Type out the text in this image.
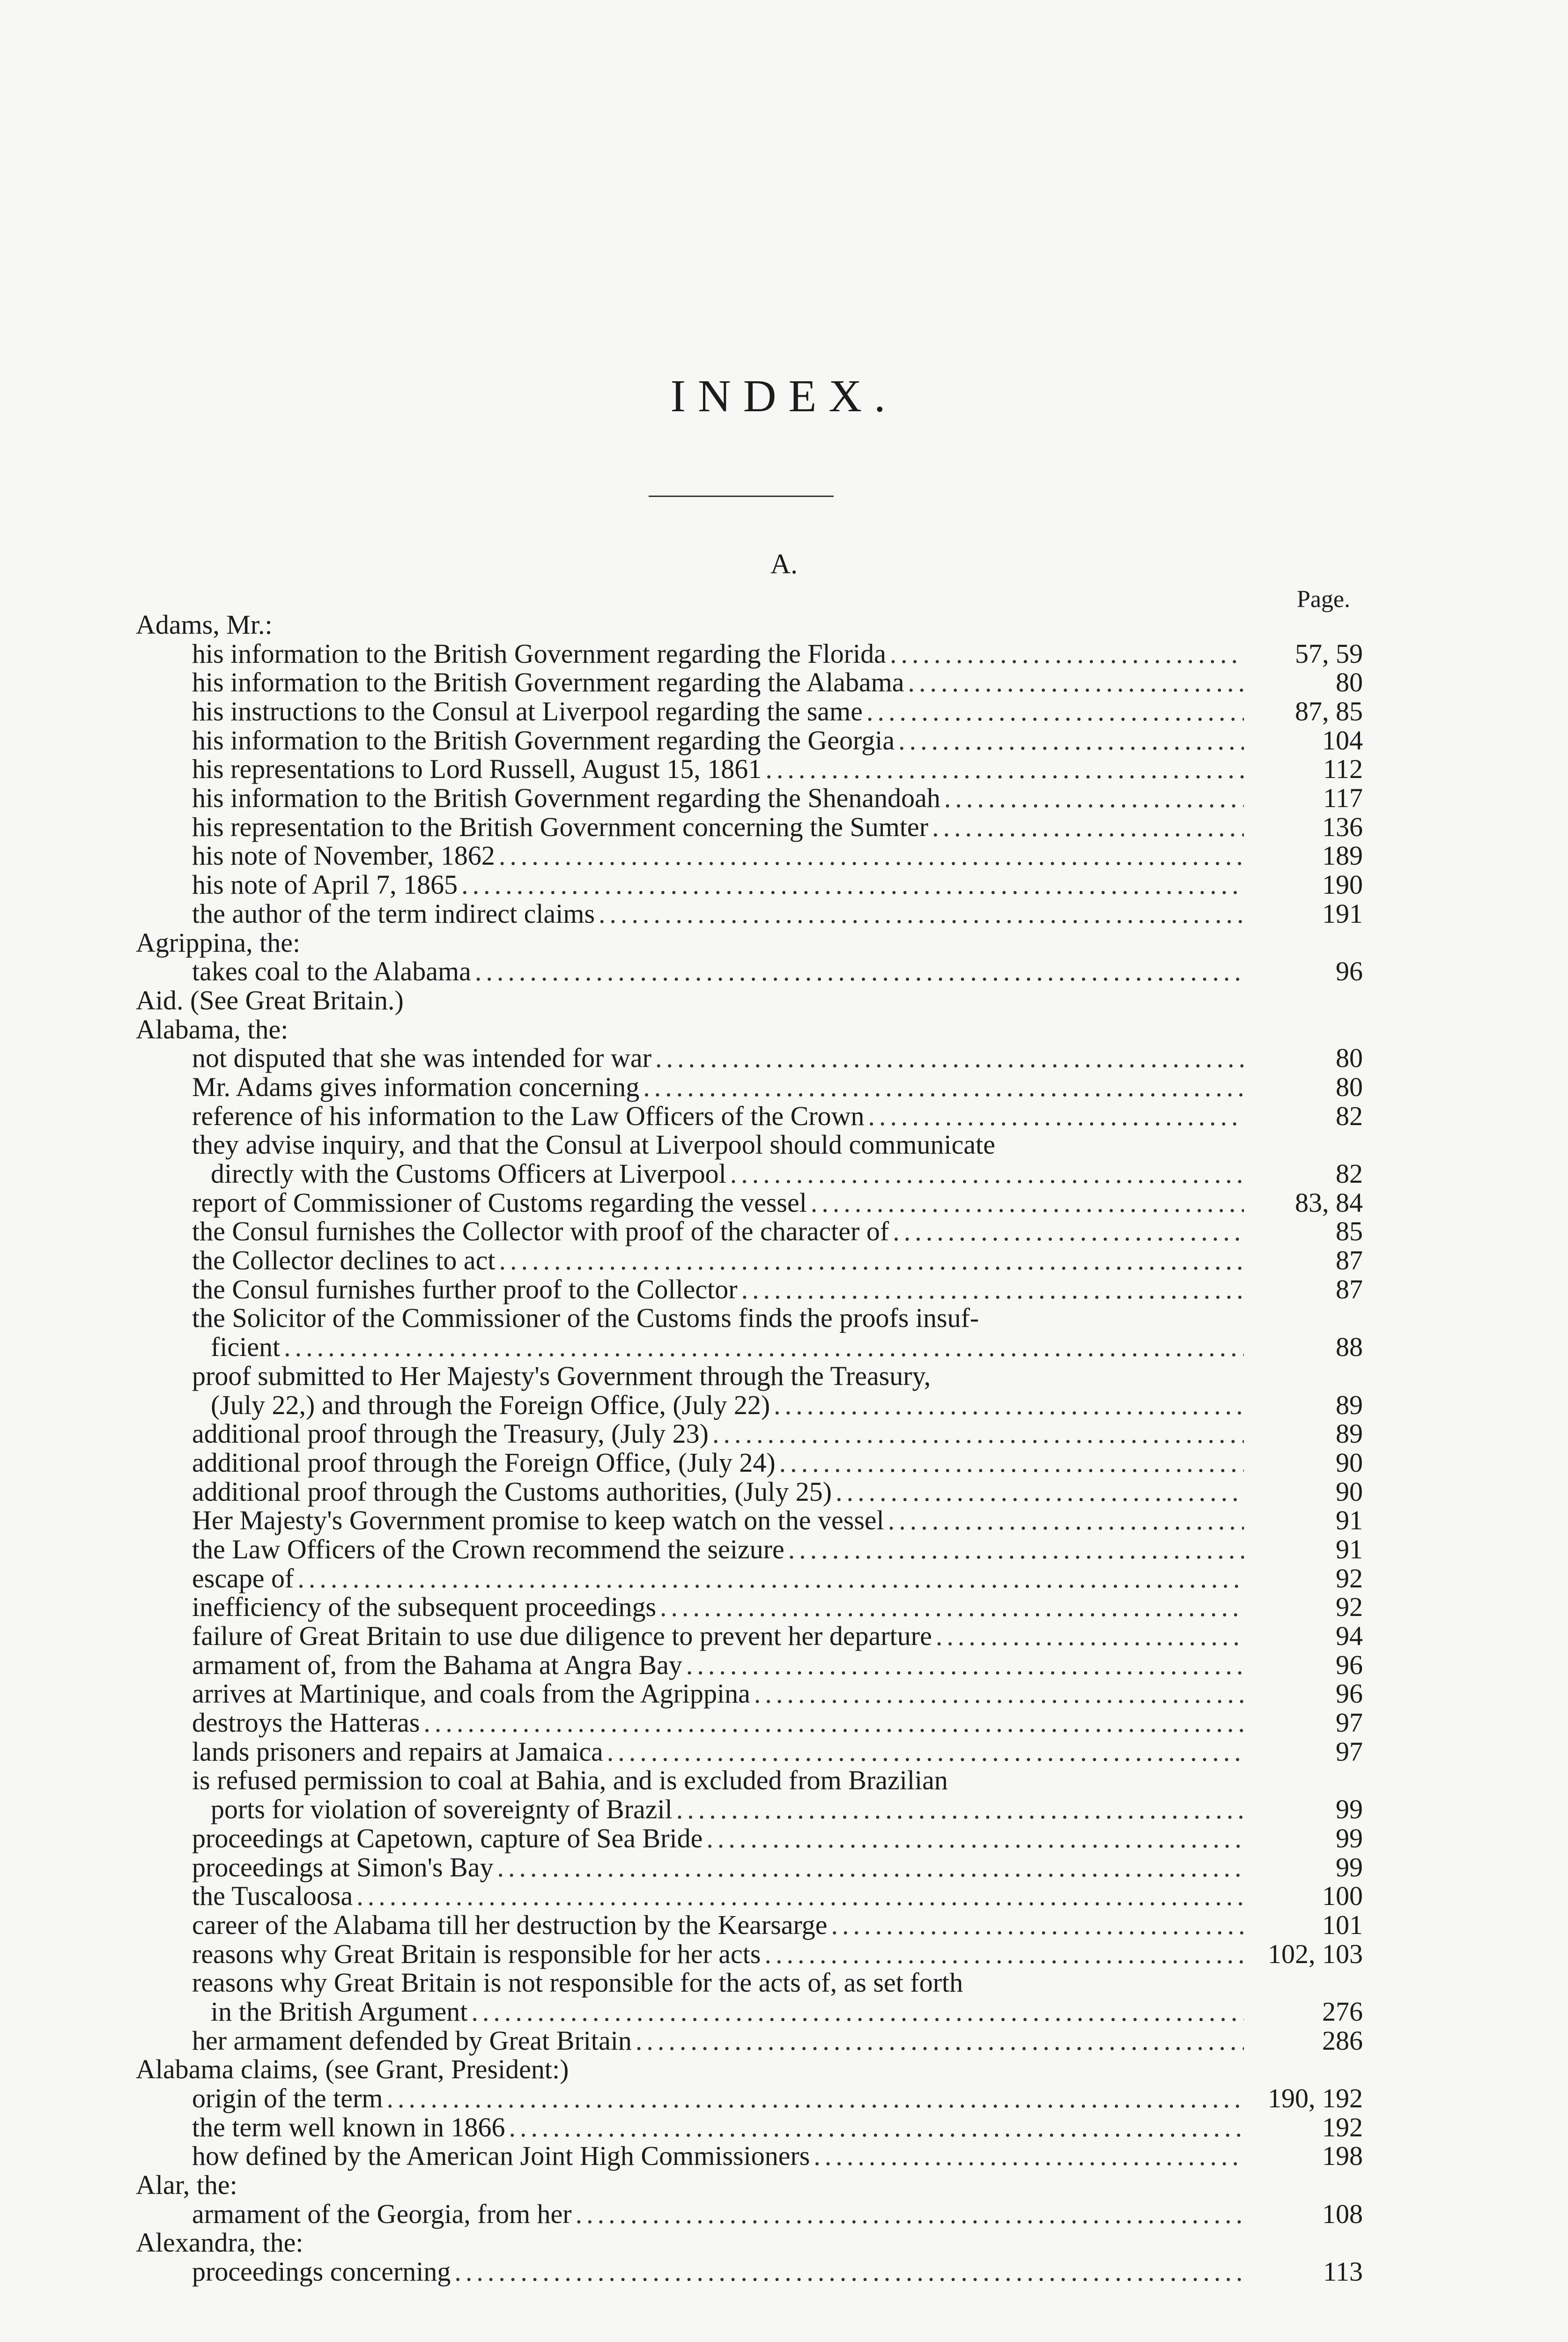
INDEX.
A.
Page.
Adams, Mr.:
his information to the British Government regarding the Florida .....	57, 59
his information to the British Government regarding the Alabama .....	80
his instructions to the Consul at Liverpool regarding the same .....	87, 85
his information to the British Government regarding the Georgia .....	104
his representations to Lord Russell, August 15, 1861 .....	112
his information to the British Government regarding the Shenandoah .....	117
his representation to the British Government concerning the Sumter .....	136
his note of November, 1862 .....	189
his note of April 7, 1865 .....	190
the author of the term indirect claims .....	191
Agrippina, the:
takes coal to the Alabama .....	96
Aid. (See Great Britain.)
Alabama, the:
not disputed that she was intended for war .....	80
Mr. Adams gives information concerning .....	80
reference of his information to the Law Officers of the Crown .....	82
they advise inquiry, and that the Consul at Liverpool should communicate
directly with the Customs Officers at Liverpool .....	82
report of Commissioner of Customs regarding the vessel .....	83, 84
the Consul furnishes the Collector with proof of the character of .....	85
the Collector declines to act .....	87
the Consul furnishes further proof to the Collector .....	87
the Solicitor of the Commissioner of the Customs finds the proofs insuf-
ficient .....	88
proof submitted to Her Majesty's Government through the Treasury,
(July 22,) and through the Foreign Office, (July 22) .....	89
additional proof through the Treasury, (July 23) .....	89
additional proof through the Foreign Office, (July 24) .....	90
additional proof through the Customs authorities, (July 25) .....	90
Her Majesty's Government promise to keep watch on the vessel .....	91
the Law Officers of the Crown recommend the seizure .....	91
escape of .....	92
inefficiency of the subsequent proceedings .....	92
failure of Great Britain to use due diligence to prevent her departure .....	94
armament of, from the Bahama at Angra Bay .....	96
arrives at Martinique, and coals from the Agrippina .....	96
destroys the Hatteras .....	97
lands prisoners and repairs at Jamaica .....	97
is refused permission to coal at Bahia, and is excluded from Brazilian
ports for violation of sovereignty of Brazil .....	99
proceedings at Capetown, capture of Sea Bride .....	99
proceedings at Simon's Bay .....	99
the Tuscaloosa .....	100
career of the Alabama till her destruction by the Kearsarge .....	101
reasons why Great Britain is responsible for her acts .....	102, 103
reasons why Great Britain is not responsible for the acts of, as set forth
in the British Argument .....	276
her armament defended by Great Britain .....	286
Alabama claims, (see Grant, President:)
origin of the term .....	190, 192
the term well known in 1866 .....	192
how defined by the American Joint High Commissioners .....	198
Alar, the:
armament of the Georgia, from her .....	108
Alexandra, the:
proceedings concerning .....	113
